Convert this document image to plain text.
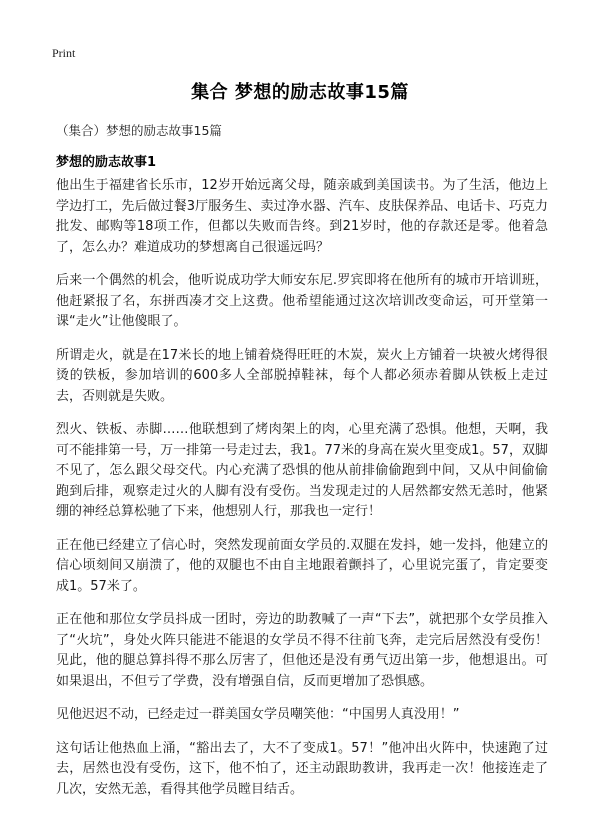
Print
集合 梦想的励志故事15篇
（集合）梦想的励志故事15篇
梦想的励志故事1

他出生于福建省长乐市，12岁开始远离父母，随亲戚到美国读书。为了生活，他边上学边打工，先后做过餐3厅服务生、卖过净水器、汽车、皮肤保养品、电话卡、巧克力批发、邮购等18项工作，但都以失败而告终。到21岁时，他的存款还是零。他着急了，怎么办？难道成功的梦想离自己很遥远吗？

后来一个偶然的机会，他听说成功学大师安东尼.罗宾即将在他所有的城市开培训班，他赶紧报了名，东拼西凑才交上这费。他希望能通过这次培训改变命运，可开堂第一课“走火”让他傻眼了。

所谓走火，就是在17米长的地上铺着烧得旺旺的木炭，炭火上方铺着一块被火烤得很烫的铁板，参加培训的600多人全部脱掉鞋袜，每个人都必须赤着脚从铁板上走过去，否则就是失败。

烈火、铁板、赤脚……他联想到了烤肉架上的肉，心里充满了恐惧。他想，天啊，我可不能排第一号，万一排第一号走过去，我1。77米的身高在炭火里变成1。57，双脚不见了，怎么跟父母交代。内心充满了恐惧的他从前排偷偷跑到中间，又从中间偷偷跑到后排，观察走过火的人脚有没有受伤。当发现走过的人居然都安然无恙时，他紧绷的神经总算松驰了下来，他想别人行，那我也一定行！

正在他已经建立了信心时，突然发现前面女学员的.双腿在发抖，她一发抖，他建立的信心顷刻间又崩溃了，他的双腿也不由自主地跟着颤抖了，心里说完蛋了，肯定要变成1。57米了。

正在他和那位女学员抖成一团时，旁边的助教喊了一声“下去”，就把那个女学员推入了“火坑”，身处火阵只能进不能退的女学员不得不往前飞奔，走完后居然没有受伤！见此，他的腿总算抖得不那么厉害了，但他还是没有勇气迈出第一步，他想退出。可如果退出，不但亏了学费，没有增强自信，反而更增加了恐惧感。

见他迟迟不动，已经走过一群美国女学员嘲笑他：“中国男人真没用！”

这句话让他热血上涌，“豁出去了，大不了变成1。57！”他冲出火阵中，快速跑了过去，居然也没有受伤，这下，他不怕了，还主动跟助教讲，我再走一次！他接连走了几次，安然无恙，看得其他学员瞠目结舌。
